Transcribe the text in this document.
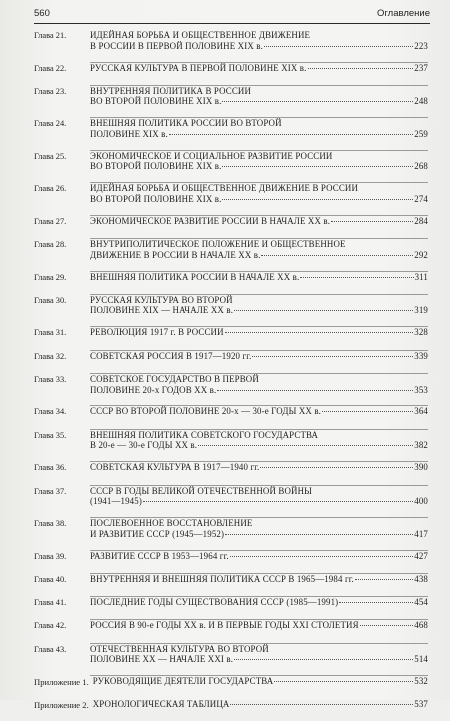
560	Оглавление
Глава 21.	ИДЕЙНАЯ БОРЬБА И ОБЩЕСТВЕННОЕ ДВИЖЕНИЕ
В РОССИИ В ПЕРВОЙ ПОЛОВИНЕ XIX в.	223
Глава 22.	РУССКАЯ КУЛЬТУРА В ПЕРВОЙ ПОЛОВИНЕ XIX в.	237
Глава 23.	ВНУТРЕННЯЯ ПОЛИТИКА В РОССИИ
ВО ВТОРОЙ ПОЛОВИНЕ XIX в.	248
Глава 24.	ВНЕШНЯЯ ПОЛИТИКА РОССИИ ВО ВТОРОЙ
ПОЛОВИНЕ XIX в.	259
Глава 25.	ЭКОНОМИЧЕСКОЕ И СОЦИАЛЬНОЕ РАЗВИТИЕ РОССИИ
ВО ВТОРОЙ ПОЛОВИНЕ XIX в.	268
Глава 26.	ИДЕЙНАЯ БОРЬБА И ОБЩЕСТВЕННОЕ ДВИЖЕНИЕ В РОССИИ
ВО ВТОРОЙ ПОЛОВИНЕ XIX в.	274
Глава 27.	ЭКОНОМИЧЕСКОЕ РАЗВИТИЕ РОССИИ В НАЧАЛЕ XX в.	284
Глава 28.	ВНУТРИПОЛИТИЧЕСКОЕ ПОЛОЖЕНИЕ И ОБЩЕСТВЕННОЕ
ДВИЖЕНИЕ В РОССИИ В НАЧАЛЕ XX в.	292
Глава 29.	ВНЕШНЯЯ ПОЛИТИКА РОССИИ В НАЧАЛЕ XX в.	311
Глава 30.	РУССКАЯ КУЛЬТУРА ВО ВТОРОЙ
ПОЛОВИНЕ XIX — НАЧАЛЕ XX в.	319
Глава 31.	РЕВОЛЮЦИЯ 1917 г. В РОССИИ	328
Глава 32.	СОВЕТСКАЯ РОССИЯ В 1917—1920 гг.	339
Глава 33.	СОВЕТСКОЕ ГОСУДАРСТВО В ПЕРВОЙ
ПОЛОВИНЕ 20-х ГОДОВ XX в.	353
Глава 34.	СССР ВО ВТОРОЙ ПОЛОВИНЕ 20-х — 30-е ГОДЫ XX в.	364
Глава 35.	ВНЕШНЯЯ ПОЛИТИКА СОВЕТСКОГО ГОСУДАРСТВА
В 20-е — 30-е ГОДЫ XX в.	382
Глава 36.	СОВЕТСКАЯ КУЛЬТУРА В 1917—1940 гг.	390
Глава 37.	СССР В ГОДЫ ВЕЛИКОЙ ОТЕЧЕСТВЕННОЙ ВОЙНЫ
(1941—1945)	400
Глава 38.	ПОСЛЕВОЕННОЕ ВОССТАНОВЛЕНИЕ
И РАЗВИТИЕ СССР (1945—1952)	417
Глава 39.	РАЗВИТИЕ СССР В 1953—1964 гг.	427
Глава 40.	ВНУТРЕННЯЯ И ВНЕШНЯЯ ПОЛИТИКА СССР В 1965—1984 гг.	438
Глава 41.	ПОСЛЕДНИЕ ГОДЫ СУЩЕСТВОВАНИЯ СССР (1985—1991)	454
Глава 42.	РОССИЯ В 90-е ГОДЫ XX в. И В ПЕРВЫЕ ГОДЫ XXI СТОЛЕТИЯ	468
Глава 43.	ОТЕЧЕСТВЕННАЯ КУЛЬТУРА ВО ВТОРОЙ
ПОЛОВИНЕ XX — НАЧАЛЕ XXI в.	514
Приложение 1. РУКОВОДЯЩИЕ ДЕЯТЕЛИ ГОСУДАРСТВА	532
Приложение 2. ХРОНОЛОГИЧЕСКАЯ ТАБЛИЦА	537
